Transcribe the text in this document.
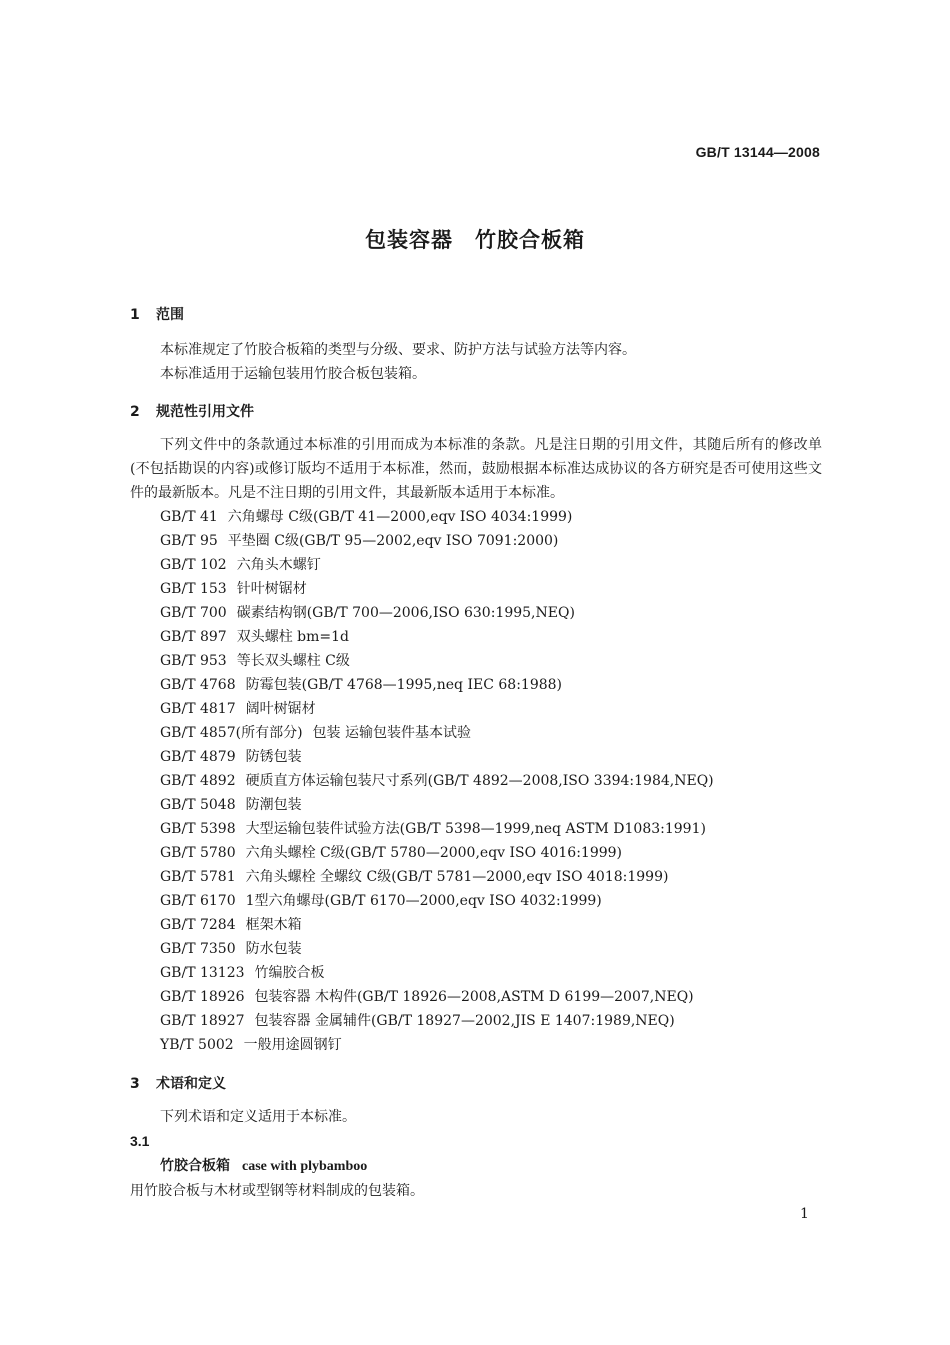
GB/T 13144—2008
包装容器 竹胶合板箱
1 范围
本标准规定了竹胶合板箱的类型与分级、要求、防护方法与试验方法等内容。
本标准适用于运输包装用竹胶合板包装箱。
2 规范性引用文件
下列文件中的条款通过本标准的引用而成为本标准的条款。凡是注日期的引用文件，其随后所有的修改单(不包括勘误的内容)或修订版均不适用于本标准，然而，鼓励根据本标准达成协议的各方研究是否可使用这些文件的最新版本。凡是不注日期的引用文件，其最新版本适用于本标准。
GB/T 41 六角螺母 C级(GB/T 41—2000,eqv ISO 4034:1999)
GB/T 95 平垫圈 C级(GB/T 95—2002,eqv ISO 7091:2000)
GB/T 102 六角头木螺钉
GB/T 153 针叶树锯材
GB/T 700 碳素结构钢(GB/T 700—2006,ISO 630:1995,NEQ)
GB/T 897 双头螺柱 bm=1d
GB/T 953 等长双头螺柱 C级
GB/T 4768 防霉包装(GB/T 4768—1995,neq IEC 68:1988)
GB/T 4817 阔叶树锯材
GB/T 4857(所有部分) 包装 运输包装件基本试验
GB/T 4879 防锈包装
GB/T 4892 硬质直方体运输包装尺寸系列(GB/T 4892—2008,ISO 3394:1984,NEQ)
GB/T 5048 防潮包装
GB/T 5398 大型运输包装件试验方法(GB/T 5398—1999,neq ASTM D1083:1991)
GB/T 5780 六角头螺栓 C级(GB/T 5780—2000,eqv ISO 4016:1999)
GB/T 5781 六角头螺栓 全螺纹 C级(GB/T 5781—2000,eqv ISO 4018:1999)
GB/T 6170 1型六角螺母(GB/T 6170—2000,eqv ISO 4032:1999)
GB/T 7284 框架木箱
GB/T 7350 防水包装
GB/T 13123 竹编胶合板
GB/T 18926 包装容器 木构件(GB/T 18926—2008,ASTM D 6199—2007,NEQ)
GB/T 18927 包装容器 金属辅件(GB/T 18927—2002,JIS E 1407:1989,NEQ)
YB/T 5002 一般用途圆钢钉
3 术语和定义
下列术语和定义适用于本标准。
3.1
竹胶合板箱 case with plybamboo
用竹胶合板与木材或型钢等材料制成的包装箱。
1
